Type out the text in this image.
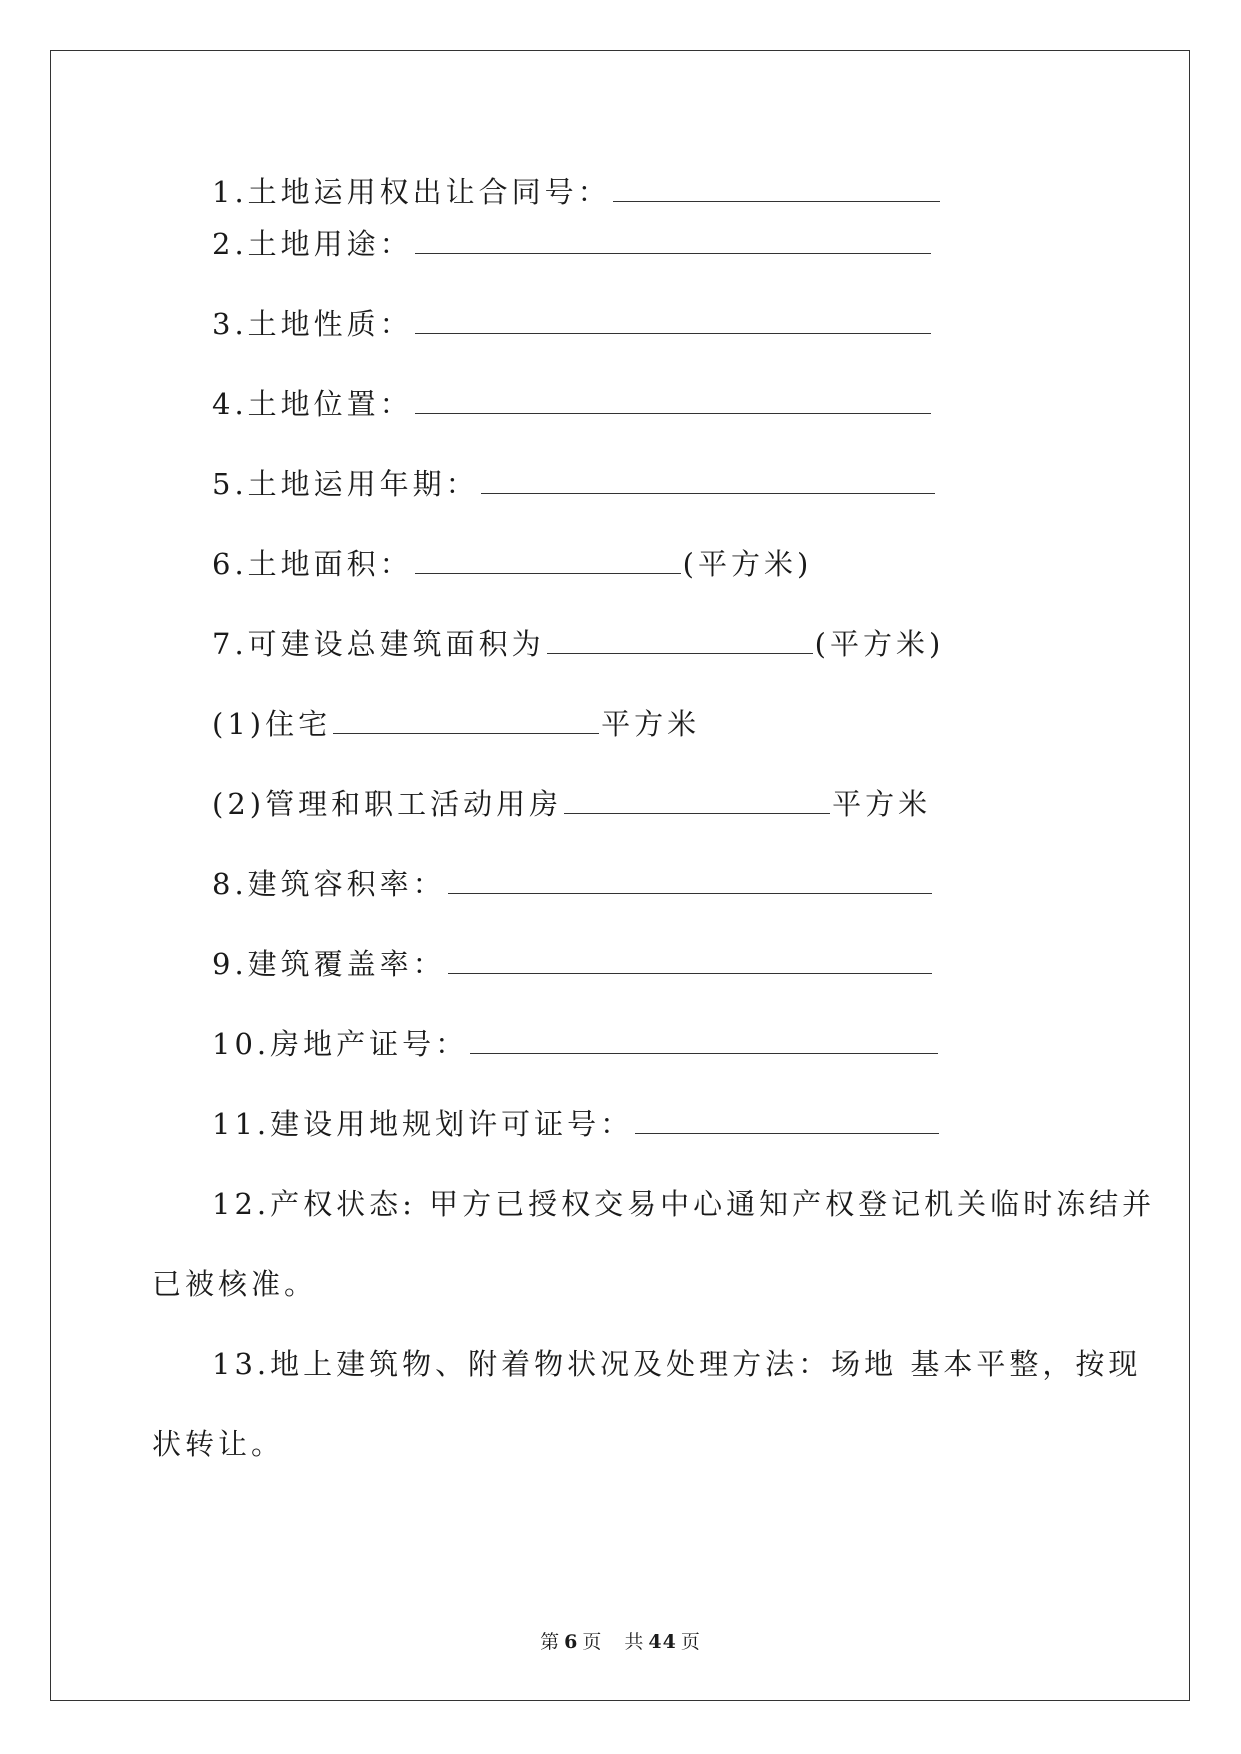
1.土地运用权出让合同号：
2.土地用途：
3.土地性质：
4.土地位置：
5.土地运用年期：
6.土地面积：	(平方米)
7.可建设总建筑面积为	(平方米)
(1)住宅	平方米
(2)管理和职工活动用房	平方米
8.建筑容积率：
9.建筑覆盖率：
10.房地产证号：
11.建设用地规划许可证号：
12.产权状态: 甲方已授权交易中心通知产权登记机关临时冻结并
已被核准。
13.地上建筑物、附着物状况及处理方法：场地 基本平整，按现
状转让。
第 6 页 共 44 页
